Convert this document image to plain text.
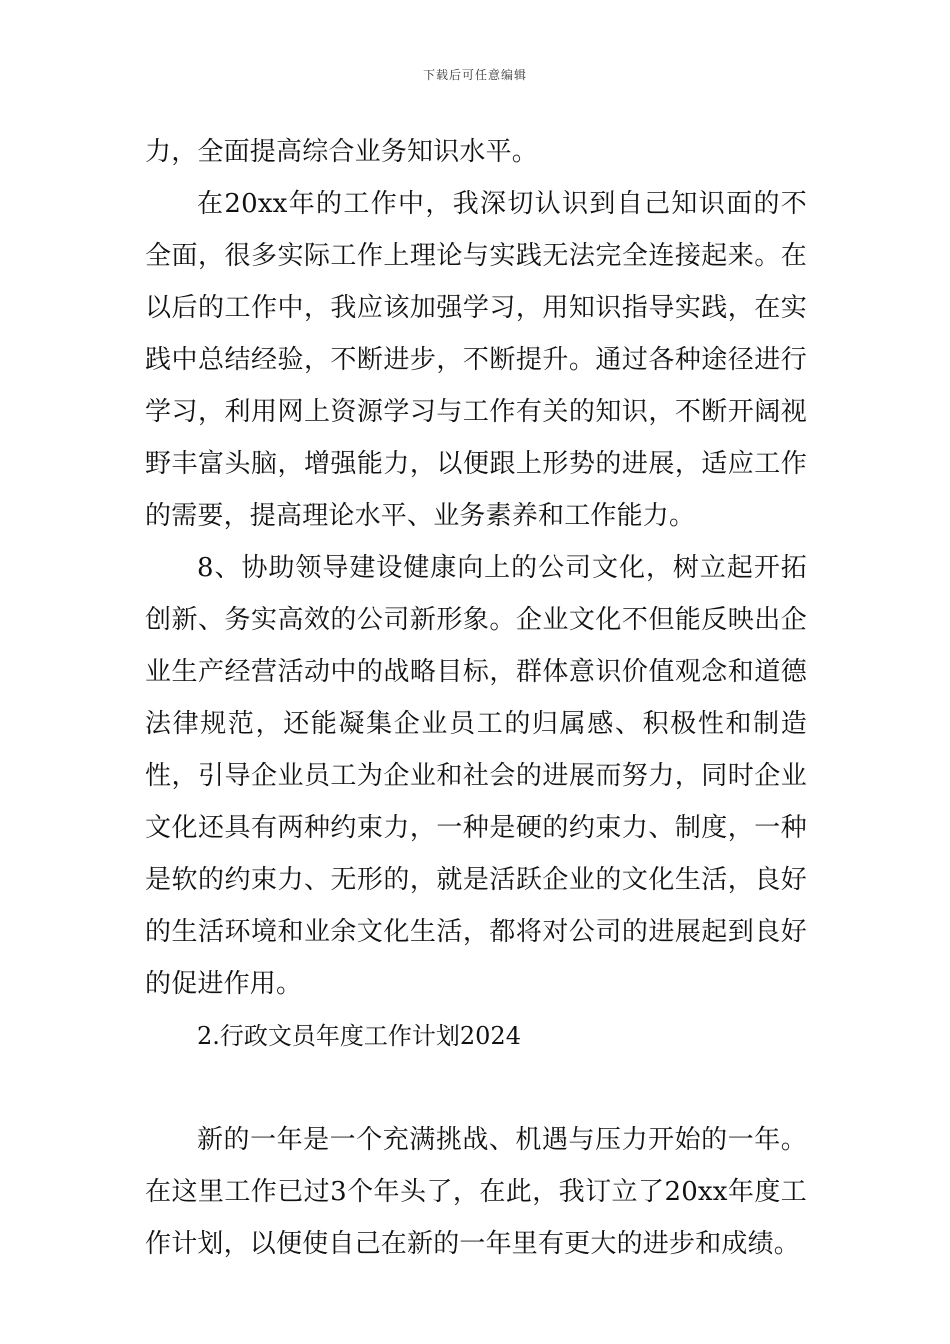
下载后可任意编辑

力，全面提高综合业务知识水平。

在20xx年的工作中，我深切认识到自己知识面的不全面，很多实际工作上理论与实践无法完全连接起来。在以后的工作中，我应该加强学习，用知识指导实践，在实践中总结经验，不断进步，不断提升。通过各种途径进行学习，利用网上资源学习与工作有关的知识，不断开阔视野丰富头脑，增强能力，以便跟上形势的进展，适应工作的需要，提高理论水平、业务素养和工作能力。

8、协助领导建设健康向上的公司文化，树立起开拓创新、务实高效的公司新形象。企业文化不但能反映出企业生产经营活动中的战略目标，群体意识价值观念和道德法律规范，还能凝集企业员工的归属感、积极性和制造性，引导企业员工为企业和社会的进展而努力，同时企业文化还具有两种约束力，一种是硬的约束力、制度，一种是软的约束力、无形的，就是活跃企业的文化生活，良好的生活环境和业余文化生活，都将对公司的进展起到良好的促进作用。

2.行政文员年度工作计划2024

新的一年是一个充满挑战、机遇与压力开始的一年。在这里工作已过3个年头了，在此，我订立了20xx年度工作计划，以便使自己在新的一年里有更大的进步和成绩。
